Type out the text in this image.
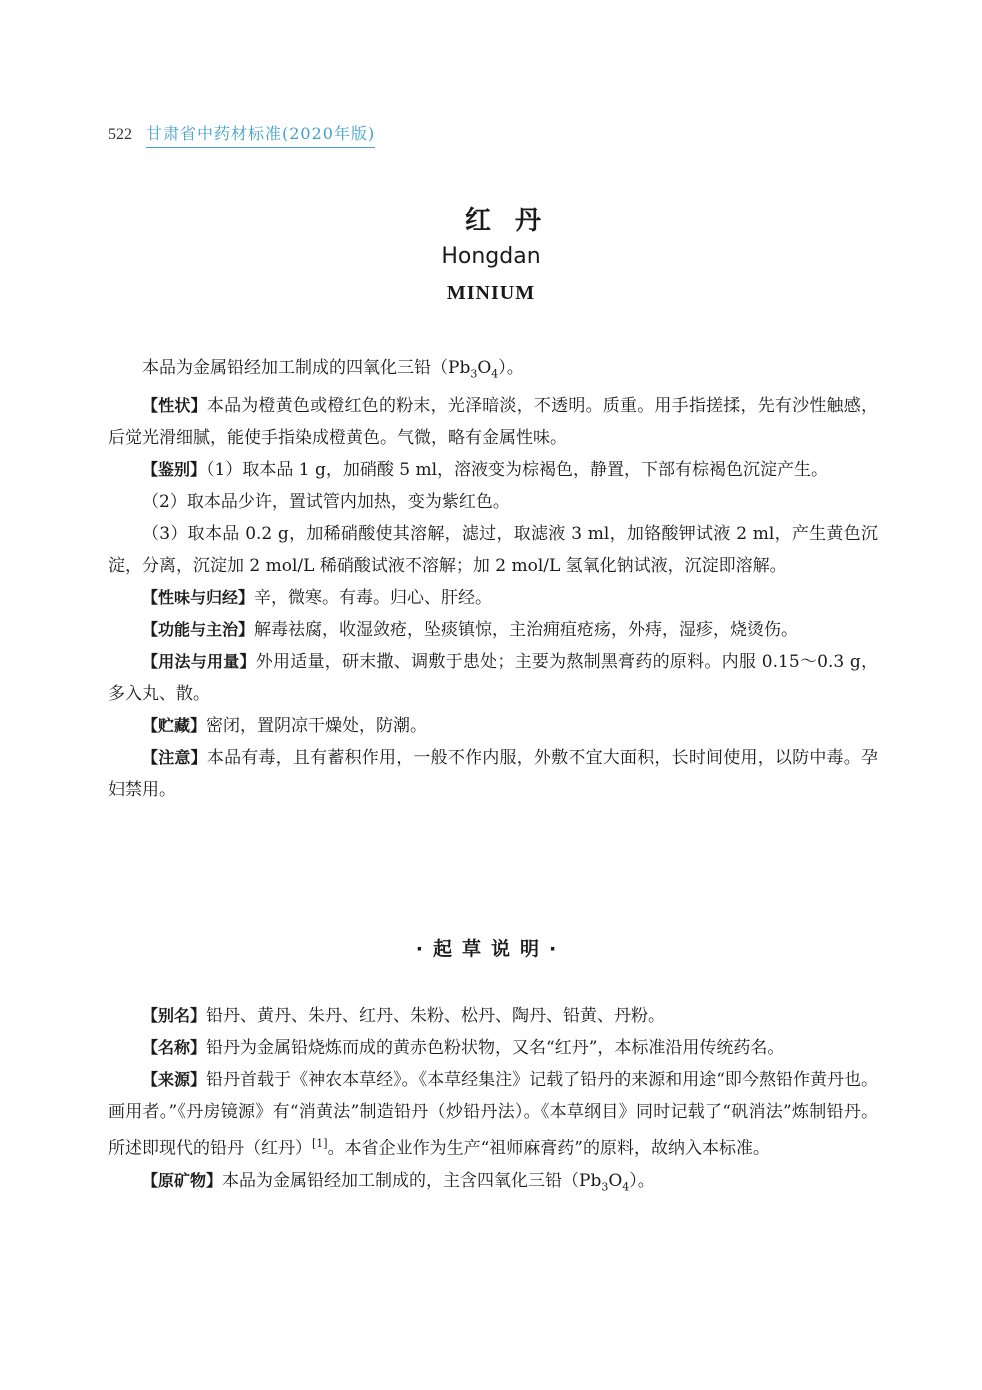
522 甘肃省中药材标准(2020年版)
红丹
Hongdan
MINIUM

本品为金属铅经加工制成的四氧化三铅$(Pb_3O_4)$。

【性状】本品为橙黄色或橙红色的粉末，光泽暗淡，不透明。质重。用手指搓揉，先有沙性触感，后觉光滑细腻，能使手指染成橙黄色。气微，略有金属性味。

【鉴别】（1）取本品 1 g，加硝酸 5 ml，溶液变为棕褐色，静置，下部有棕褐色沉淀产生。

（2）取本品少许，置试管内加热，变为紫红色。

（3）取本品 0.2 g，加稀硝酸使其溶解，滤过，取滤液 3 ml，加铬酸钾试液 2 ml，产生黄色沉淀，分离，沉淀加 2 mol/L 稀硝酸试液不溶解；加 2 mol/L 氢氧化钠试液，沉淀即溶解。

【性味与归经】辛，微寒。有毒。归心、肝经。

【功能与主治】解毒祛腐，收湿敛疮，坠痰镇惊，主治痈疽疮疡，外痔，湿疹，烧烫伤。

【用法与用量】外用适量，研末撒、调敷于患处；主要为熬制黑膏药的原料。内服 0.15～0.3 g，多入丸、散。

【贮藏】密闭，置阴凉干燥处，防潮。

【注意】本品有毒，且有蓄积作用，一般不作内服，外敷不宜大面积，长时间使用，以防中毒。孕妇禁用。

·起草说明·

【别名】铅丹、黄丹、朱丹、红丹、朱粉、松丹、陶丹、铅黄、丹粉。

【名称】铅丹为金属铅烧炼而成的黄赤色粉状物，又名“红丹”，本标准沿用传统药名。

【来源】铅丹首载于《神农本草经》。《本草经集注》记载了铅丹的来源和用途“即今熬铅作黄丹也。画用者。”《丹房镜源》有“消黄法”制造铅丹（炒铅丹法）。《本草纲目》同时记载了“矾消法”炼制铅丹。所述即现代的铅丹（红丹）[1]。本省企业作为生产“祖师麻膏药”的原料，故纳入本标准。

【原矿物】本品为金属铅经加工制成的，主含四氧化三铅$(Pb_3O_4)$。
